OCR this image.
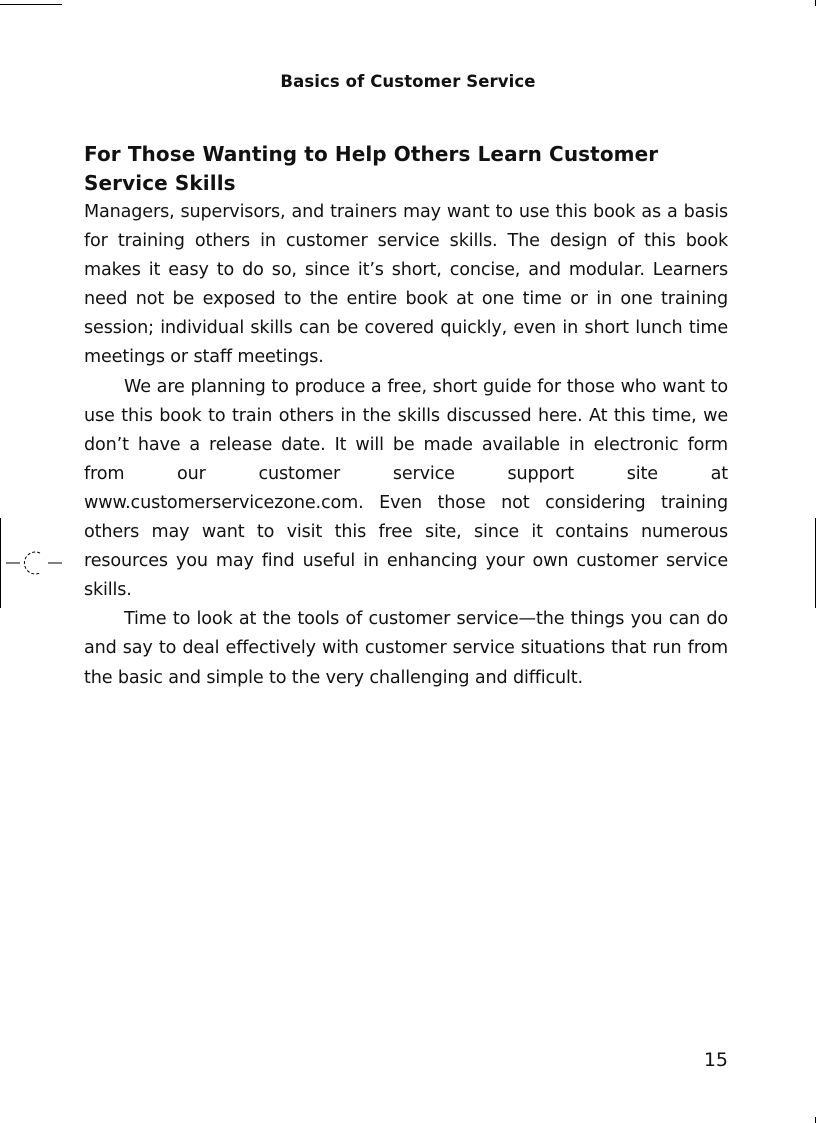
Basics of Customer Service
For Those Wanting to Help Others Learn Customer Service Skills

Managers, supervisors, and trainers may want to use this book as a basis for training others in customer service skills. The design of this book makes it easy to do so, since it’s short, concise, and modular. Learners need not be exposed to the entire book at one time or in one training session; individual skills can be covered quickly, even in short lunch time meetings or staff meetings.

We are planning to produce a free, short guide for those who want to use this book to train others in the skills discussed here. At this time, we don’t have a release date. It will be made available in electronic form from our customer service support site at www.customerservicezone.com. Even those not considering training others may want to visit this free site, since it contains numerous resources you may find useful in enhancing your own customer service skills.

Time to look at the tools of customer service—the things you can do and say to deal effectively with customer service situations that run from the basic and simple to the very challenging and difficult.

15
